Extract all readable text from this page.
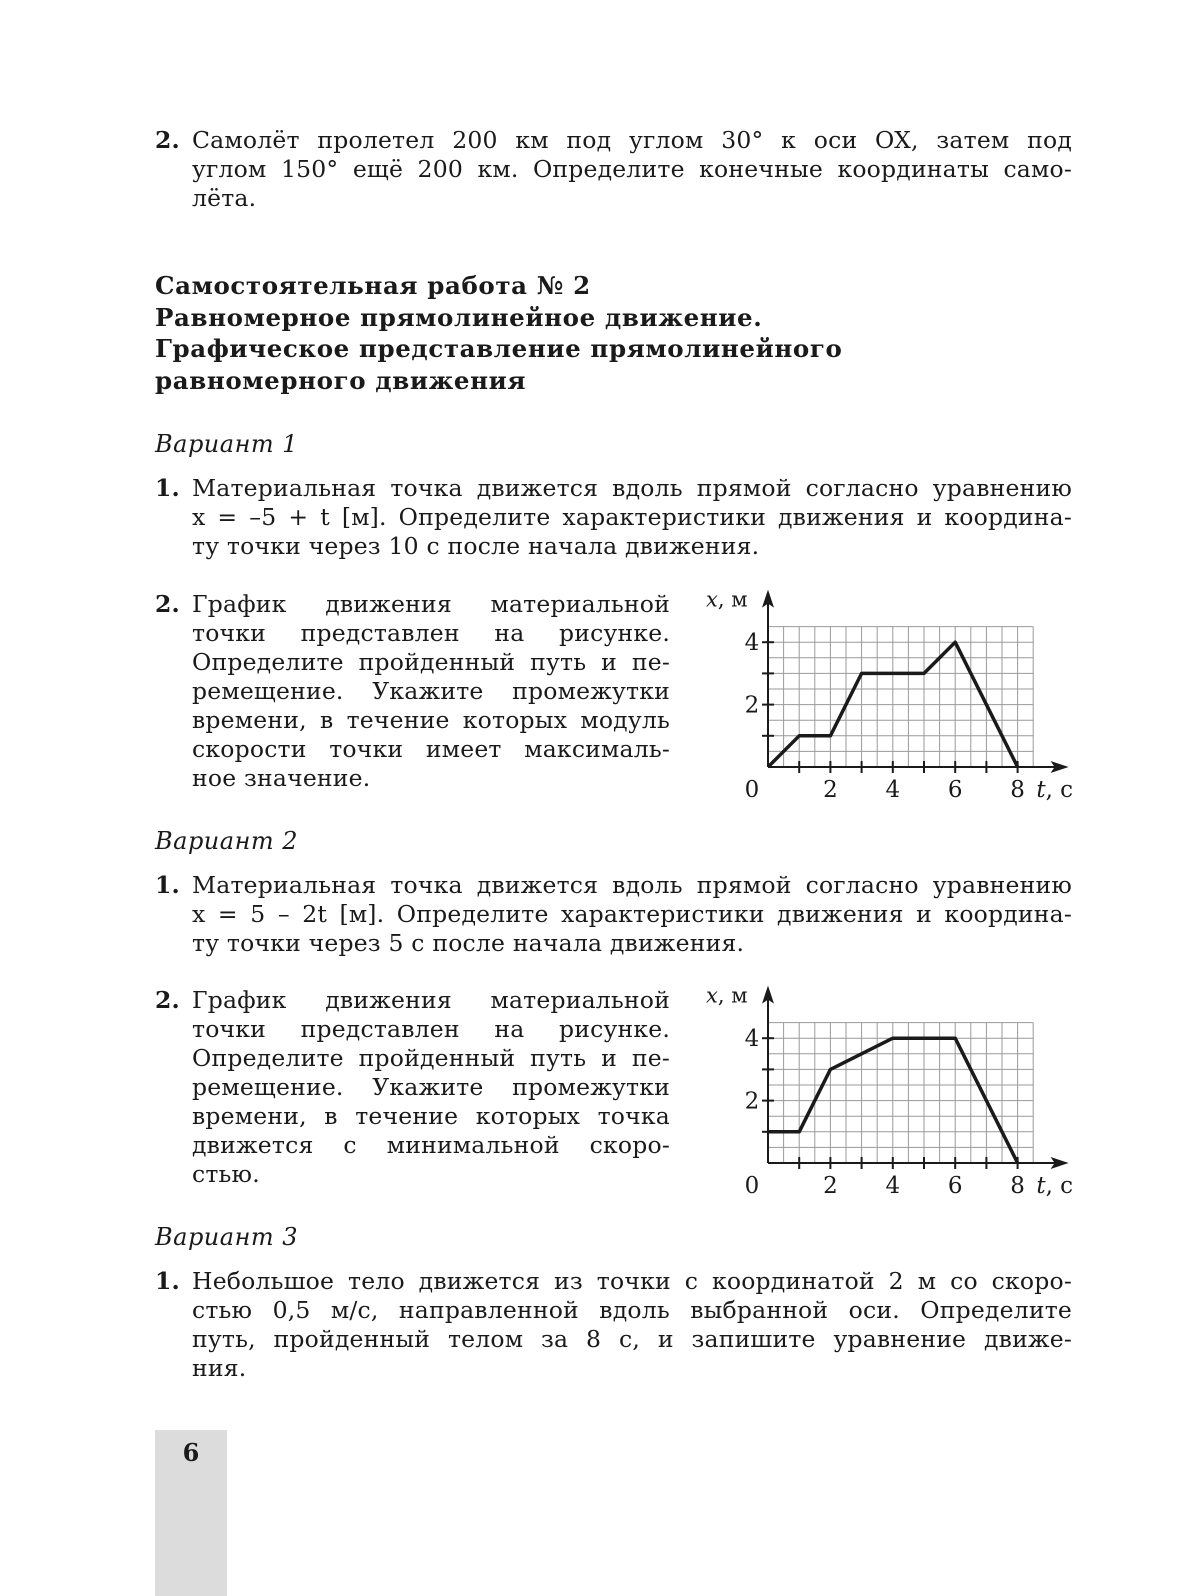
2. Самолёт пролетел 200 км под углом 30° к оси OX, затем под
углом 150° ещё 200 км. Определите конечные координаты само-
лёта.
Самостоятельная работа № 2
Равномерное прямолинейное движение.
Графическое представление прямолинейного
равномерного движения
Вариант 1
1. Материальная точка движется вдоль прямой согласно уравнению
x = –5 + t [м]. Определите характеристики движения и координа-
ту точки через 10 с после начала движения.
2. График движения материальной
точки представлен на рисунке.
Определите пройденный путь и пе-
ремещение. Укажите промежутки
времени, в течение которых модуль
скорости точки имеет максималь-
ное значение.	0	2 4 6 8
2
4
t, с
x, м
Вариант 2
1. Материальная точка движется вдоль прямой согласно уравнению
x = 5 – 2t [м]. Определите характеристики движения и координа-
ту точки через 5 с после начала движения.
2. График движения материальной
точки представлен на рисунке.
Определите пройденный путь и пе-
ремещение. Укажите промежутки
времени, в течение которых точка
движется с минимальной скоро-
стью.	0	2 4 6 8
2
4
t, с
x, м
Вариант 3
1. Небольшое тело движется из точки с координатой 2 м со скоро-
стью 0,5 м/с, направленной вдоль выбранной оси. Определите
путь, пройденный телом за 8 с, и запишите уравнение движе-
ния.
6
